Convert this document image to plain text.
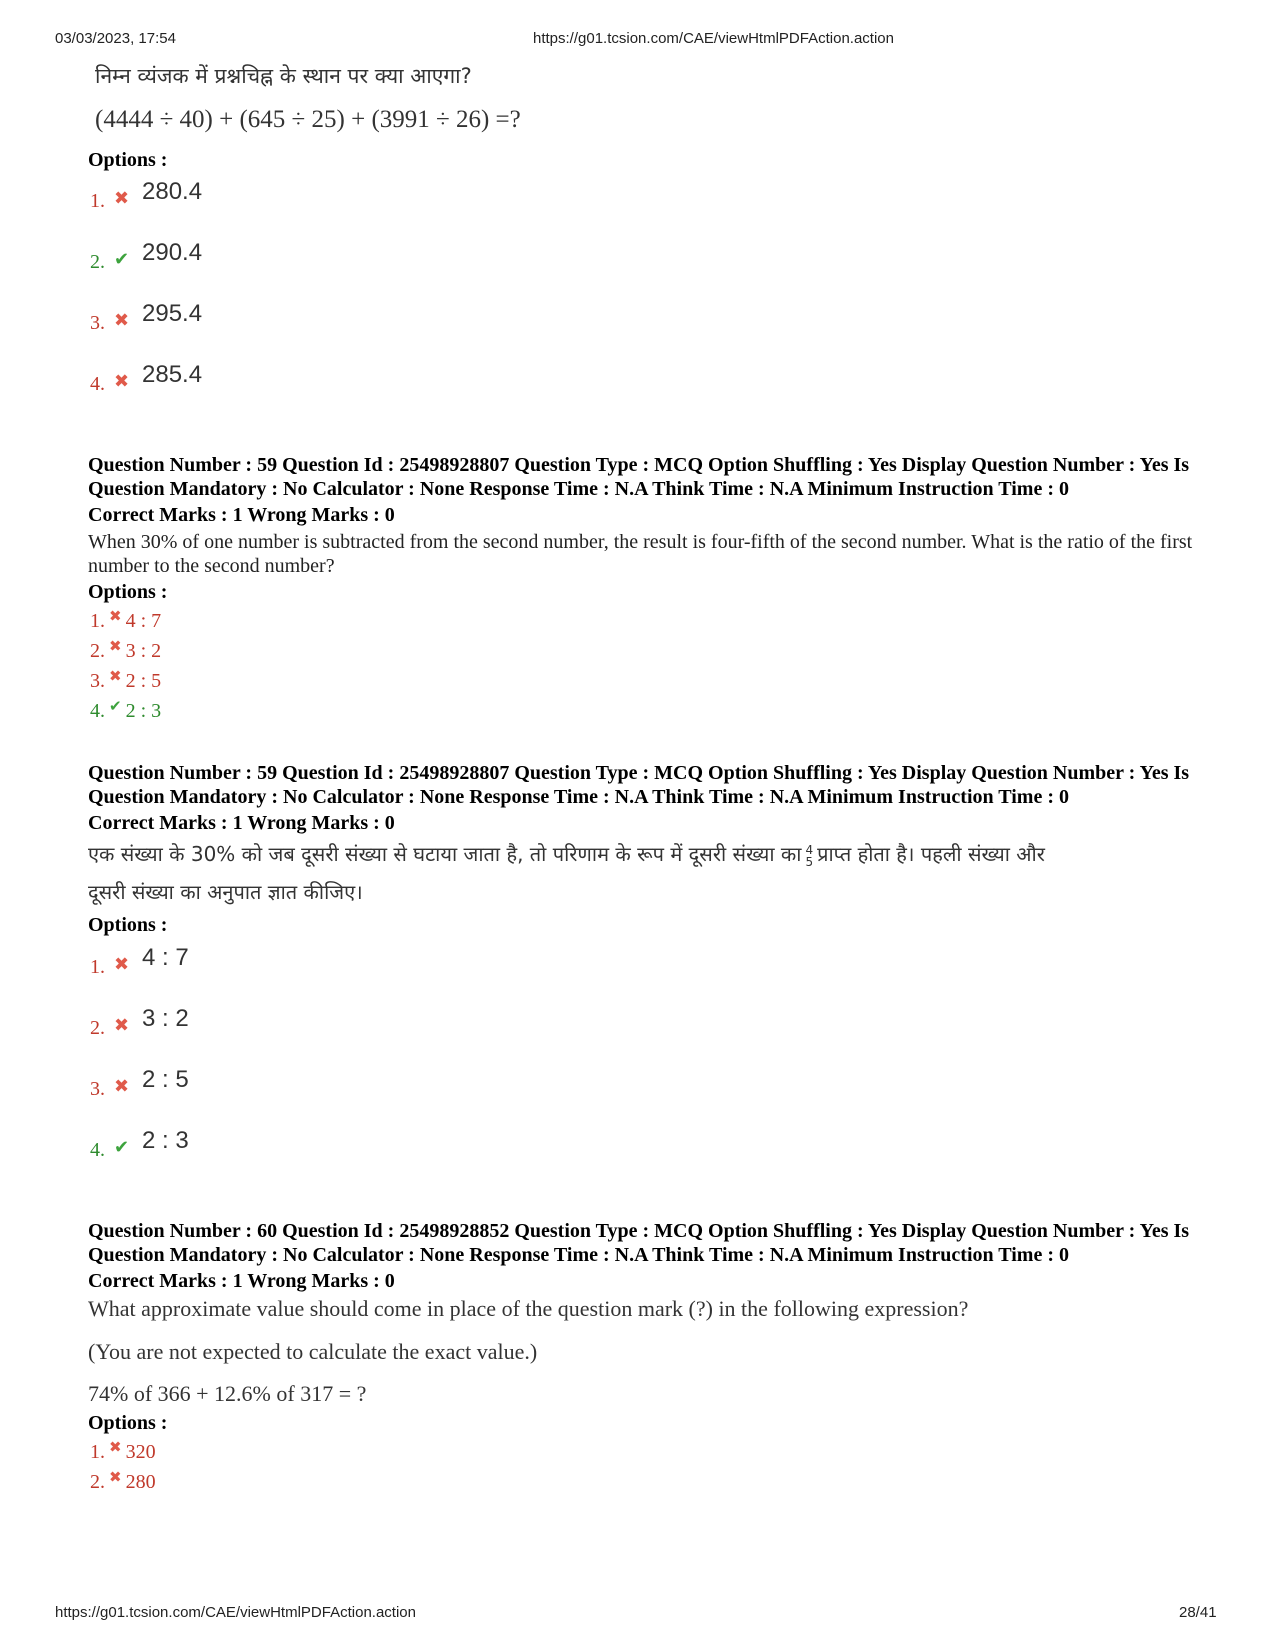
03/03/2023, 17:54	https://g01.tcsion.com/CAE/viewHtmlPDFAction.action
https://g01.tcsion.com/CAE/viewHtmlPDFAction.action	28/41
निम्न व्यंजक में प्रश्नचिह्न के स्थान पर क्या आएगा?
(4444 ÷ 40) + (645 ÷ 25) + (3991 ÷ 26) =?
Options :
1. ✖ 280.4
2. ✔ 290.4
3. ✖ 295.4
4. ✖ 285.4
Question Number : 59 Question Id : 25498928807 Question Type : MCQ Option Shuffling : Yes Display Question Number : Yes Is Question Mandatory : No Calculator : None Response Time : N.A Think Time : N.A Minimum Instruction Time : 0
Correct Marks : 1 Wrong Marks : 0
When 30% of one number is subtracted from the second number, the result is four-fifth of the second number. What is the ratio of the first number to the second number?
Options :
1. ✖ 4 : 7
2. ✖ 3 : 2
3. ✖ 2 : 5
4. ✔ 2 : 3
Question Number : 59 Question Id : 25498928807 Question Type : MCQ Option Shuffling : Yes Display Question Number : Yes Is Question Mandatory : No Calculator : None Response Time : N.A Think Time : N.A Minimum Instruction Time : 0
Correct Marks : 1 Wrong Marks : 0
एक संख्या के 30% को जब दूसरी संख्या से घटाया जाता है, तो परिणाम के रूप में दूसरी संख्या का 4
5 प्राप्त होता है। पहली संख्या और
दूसरी संख्या का अनुपात ज्ञात कीजिए।
Options :
1. ✖ 4 : 7
2. ✖ 3 : 2
3. ✖ 2 : 5
4. ✔ 2 : 3
Question Number : 60 Question Id : 25498928852 Question Type : MCQ Option Shuffling : Yes Display Question Number : Yes Is Question Mandatory : No Calculator : None Response Time : N.A Think Time : N.A Minimum Instruction Time : 0
Correct Marks : 1 Wrong Marks : 0
What approximate value should come in place of the question mark (?) in the following expression?
(You are not expected to calculate the exact value.)
74% of 366 + 12.6% of 317 = ?
Options :
1. ✖ 320
2. ✖ 280
